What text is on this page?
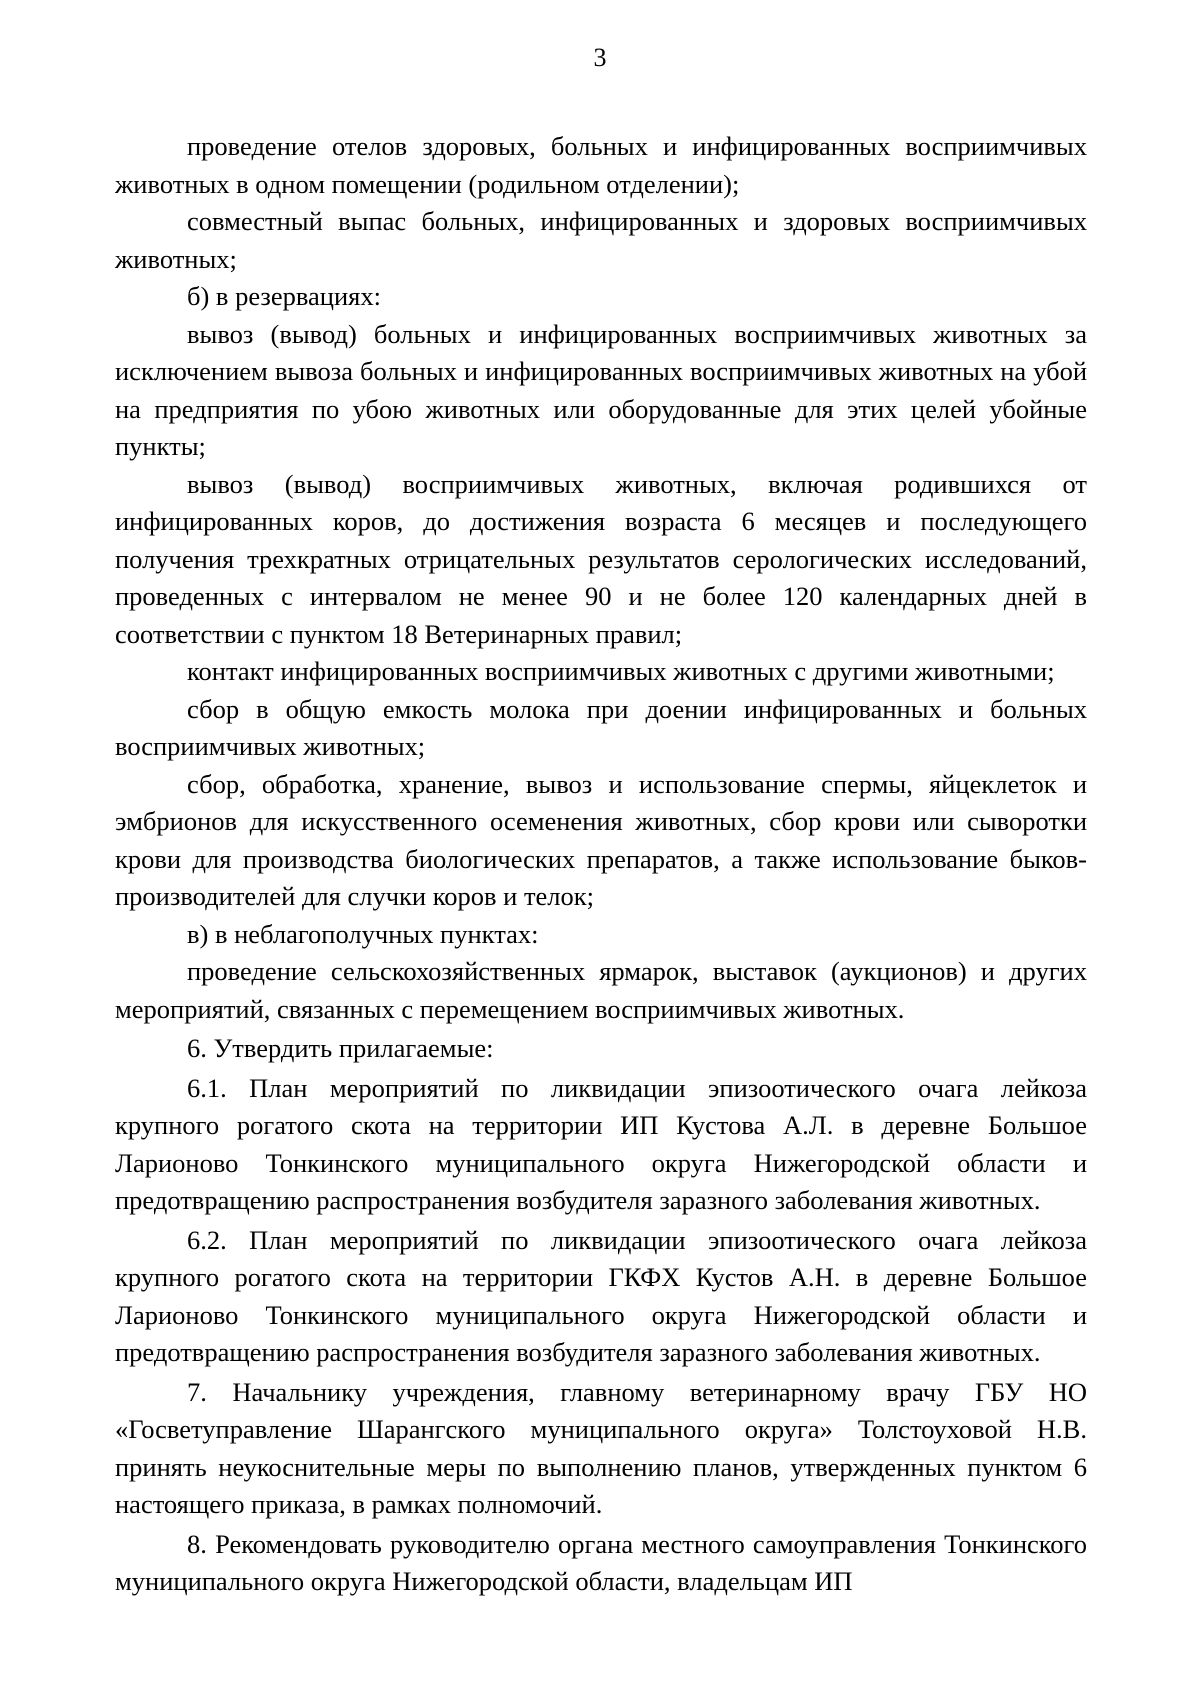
3

проведение отелов здоровых, больных и инфицированных восприимчивых животных в одном помещении (родильном отделении);

совместный выпас больных, инфицированных и здоровых восприимчивых животных;

б) в резервациях:

вывоз (вывод) больных и инфицированных восприимчивых животных за исключением вывоза больных и инфицированных восприимчивых животных на убой на предприятия по убою животных или оборудованные для этих целей убойные пункты;

вывоз (вывод) восприимчивых животных, включая родившихся от инфицированных коров, до достижения возраста 6 месяцев и последующего получения трехкратных отрицательных результатов серологических исследований, проведенных с интервалом не менее 90 и не более 120 календарных дней в соответствии с пунктом 18 Ветеринарных правил;

контакт инфицированных восприимчивых животных с другими животными;

сбор в общую емкость молока при доении инфицированных и больных восприимчивых животных;

сбор, обработка, хранение, вывоз и использование спермы, яйцеклеток и эмбрионов для искусственного осеменения животных, сбор крови или сыворотки крови для производства биологических препаратов, а также использование быков-производителей для случки коров и телок;

в) в неблагополучных пунктах:

проведение сельскохозяйственных ярмарок, выставок (аукционов) и других мероприятий, связанных с перемещением восприимчивых животных.

6. Утвердить прилагаемые:

6.1. План мероприятий по ликвидации эпизоотического очага лейкоза крупного рогатого скота на территории ИП Кустова А.Л. в деревне Большое Ларионово Тонкинского муниципального округа Нижегородской области и предотвращению распространения возбудителя заразного заболевания животных.

6.2. План мероприятий по ликвидации эпизоотического очага лейкоза крупного рогатого скота на территории ГКФХ Кустов А.Н. в деревне Большое Ларионово Тонкинского муниципального округа Нижегородской области и предотвращению распространения возбудителя заразного заболевания животных.

7. Начальнику учреждения, главному ветеринарному врачу ГБУ НО «Госветуправление Шарангского муниципального округа» Толстоуховой Н.В. принять неукоснительные меры по выполнению планов, утвержденных пунктом 6 настоящего приказа, в рамках полномочий.

8. Рекомендовать руководителю органа местного самоуправления Тонкинского муниципального округа Нижегородской области, владельцам ИП
